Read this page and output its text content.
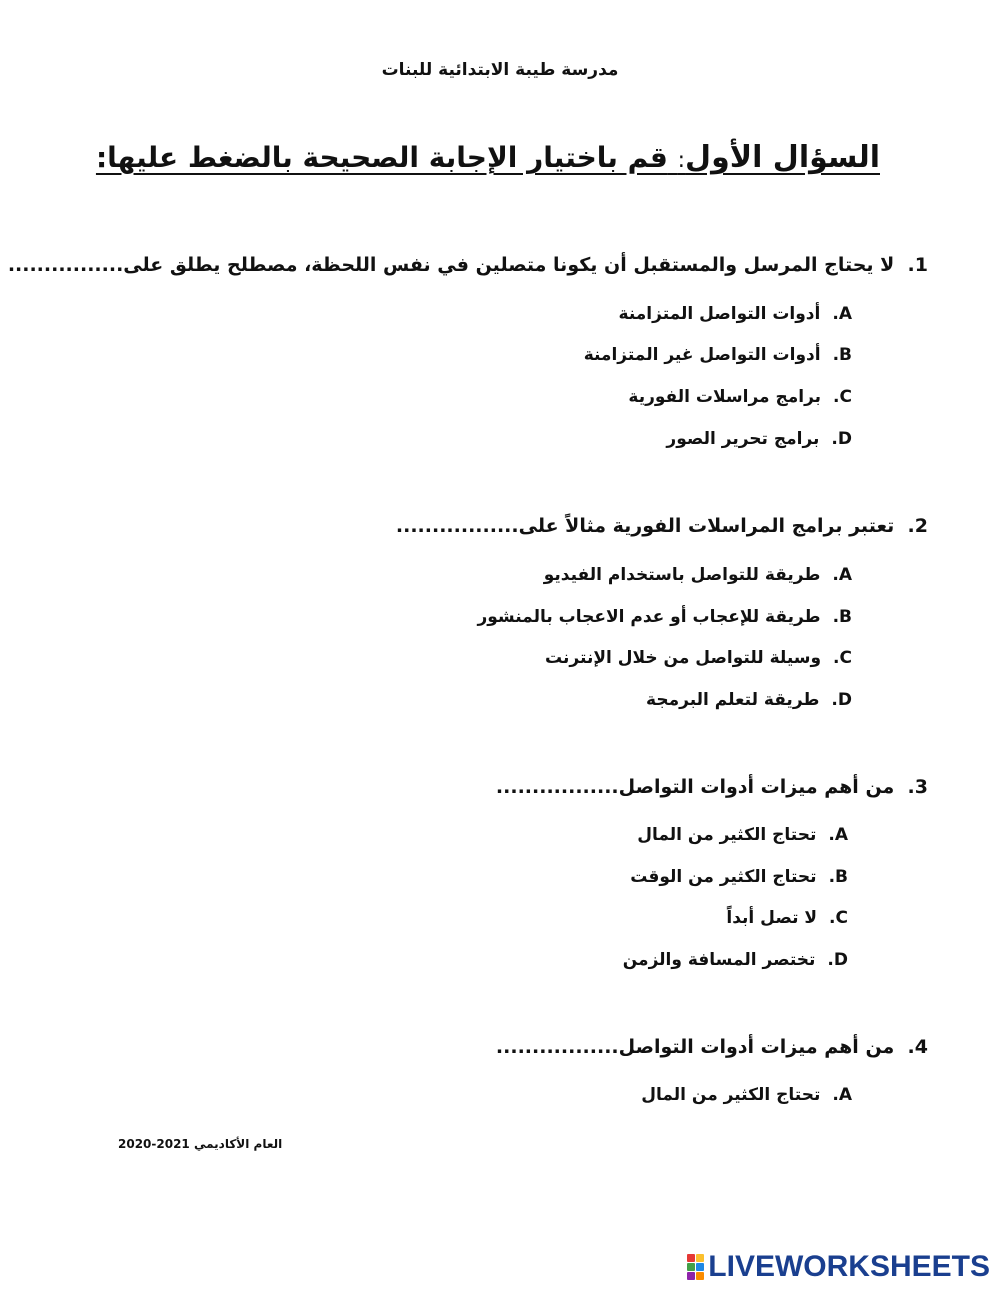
مدرسة طيبة الابتدائية للبنات
السؤال الأول: قم باختيار الإجابة الصحيحة بالضغط عليها:
1.  لا يحتاج المرسل والمستقبل أن يكونا متصلين في نفس اللحظة، مصطلح يطلق على................
A.أدوات التواصل المتزامنة
B.أدوات التواصل غير المتزامنة
C.برامج مراسلات الفورية
D.برامج تحرير الصور
2.  تعتبر برامج المراسلات الفورية مثالاً على.................
A.طريقة للتواصل باستخدام الفيديو
B.طريقة للإعجاب أو عدم الاعجاب بالمنشور
C.وسيلة للتواصل من خلال الإنترنت
D.طريقة لتعلم البرمجة
3.  من أهم ميزات أدوات التواصل.................
A.تحتاج الكثير من المال
B.تحتاج الكثير من الوقت
C.لا تصل أبداً
D.تختصر المسافة والزمن
4.  من أهم ميزات أدوات التواصل.................
A.تحتاج الكثير من المال
2020-2021 العام الأكاديمي
LIVEWORKSHEETS
